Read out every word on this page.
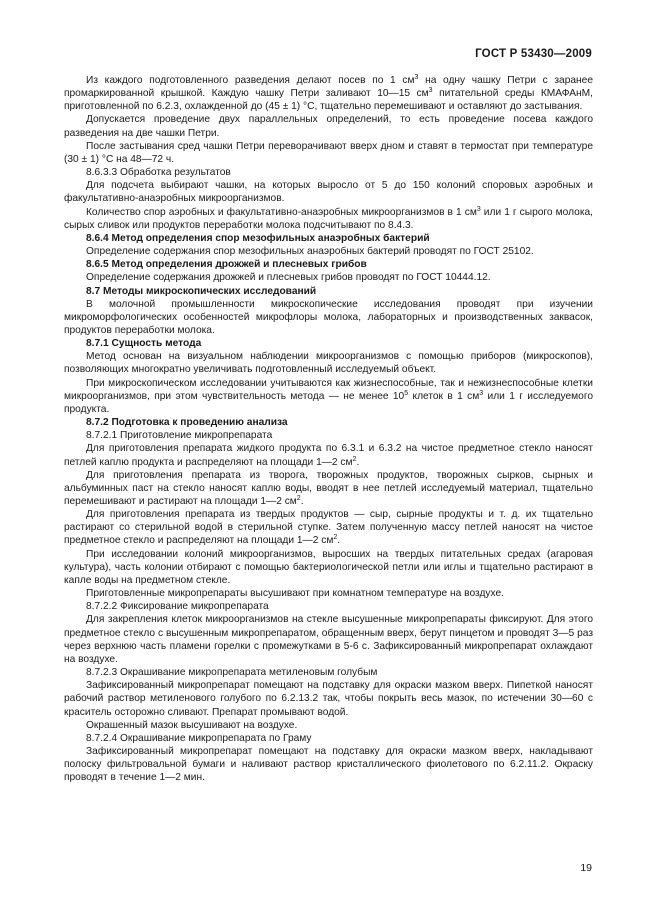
ГОСТ Р 53430—2009

Из каждого подготовленного разведения делают посев по 1 $см^3$ на одну чашку Петри с заранее промаркированной крышкой. Каждую чашку Петри заливают 10—15 $см^3$ питательной среды КМАФАнМ, приготовленной по 6.2.3, охлажденной до (45 ± 1) °С, тщательно перемешивают и оставляют до застывания.

Допускается проведение двух параллельных определений, то есть проведение посева каждого разведения на две чашки Петри.

После застывания сред чашки Петри переворачивают вверх дном и ставят в термостат при температуре (30 ± 1) °С на 48—72 ч.

8.6.3.3 Обработка результатов

Для подсчета выбирают чашки, на которых выросло от 5 до 150 колоний споровых аэробных и факультативно-анаэробных микроорганизмов.

Количество спор аэробных и факультативно-анаэробных микроорганизмов в 1 $см^3$ или 1 г сырого молока, сырых сливок или продуктов переработки молока подсчитывают по 8.4.3.

8.6.4 Метод определения спор мезофильных анаэробных бактерий

Определение содержания спор мезофильных анаэробных бактерий проводят по ГОСТ 25102.

8.6.5 Метод определения дрожжей и плесневых грибов

Определение содержания дрожжей и плесневых грибов проводят по ГОСТ 10444.12.

8.7 Методы микроскопических исследований

В молочной промышленности микроскопические исследования проводят при изучении микроморфологических особенностей микрофлоры молока, лабораторных и производственных заквасок, продуктов переработки молока.

8.7.1 Сущность метода

Метод основан на визуальном наблюдении микроорганизмов с помощью приборов (микроскопов), позволяющих многократно увеличивать подготовленный исследуемый объект.

При микроскопическом исследовании учитываются как жизнеспособные, так и нежизнеспособные клетки микроорганизмов, при этом чувствительность метода — не менее $10^5$ клеток в 1 $см^3$ или 1 г исследуемого продукта.

8.7.2 Подготовка к проведению анализа

8.7.2.1 Приготовление микропрепарата

Для приготовления препарата жидкого продукта по 6.3.1 и 6.3.2 на чистое предметное стекло наносят петлей каплю продукта и распределяют на площади 1—2 $см^2$.

Для приготовления препарата из творога, творожных продуктов, творожных сырков, сырных и альбуминных паст на стекло наносят каплю воды, вводят в нее петлей исследуемый материал, тщательно перемешивают и растирают на площади 1—2 $см^2$.

Для приготовления препарата из твердых продуктов — сыр, сырные продукты и т. д. их тщательно растирают со стерильной водой в стерильной ступке. Затем полученную массу петлей наносят на чистое предметное стекло и распределяют на площади 1—2 $см^2$.

При исследовании колоний микроорганизмов, выросших на твердых питательных средах (агаровая культура), часть колонии отбирают с помощью бактериологической петли или иглы и тщательно растирают в капле воды на предметном стекле.

Приготовленные микропрепараты высушивают при комнатном температуре на воздухе.

8.7.2.2 Фиксирование микропрепарата

Для закрепления клеток микроорганизмов на стекле высушенные микропрепараты фиксируют. Для этого предметное стекло с высушенным микропрепаратом, обращенным вверх, берут пинцетом и проводят 3—5 раз через верхнюю часть пламени горелки с промежутками в 5-6 с. Зафиксированный микропрепарат охлаждают на воздухе.

8.7.2.3 Окрашивание микропрепарата метиленовым голубым

Зафиксированный микропрепарат помещают на подставку для окраски мазком вверх. Пипеткой наносят рабочий раствор метиленового голубого по 6.2.13.2 так, чтобы покрыть весь мазок, по истечении 30—60 с краситель осторожно сливают. Препарат промывают водой.

Окрашенный мазок высушивают на воздухе.

8.7.2.4 Окрашивание микропрепарата по Граму

Зафиксированный микропрепарат помещают на подставку для окраски мазком вверх, накладывают полоску фильтровальной бумаги и наливают раствор кристаллического фиолетового по 6.2.11.2. Окраску проводят в течение 1—2 мин.

19
